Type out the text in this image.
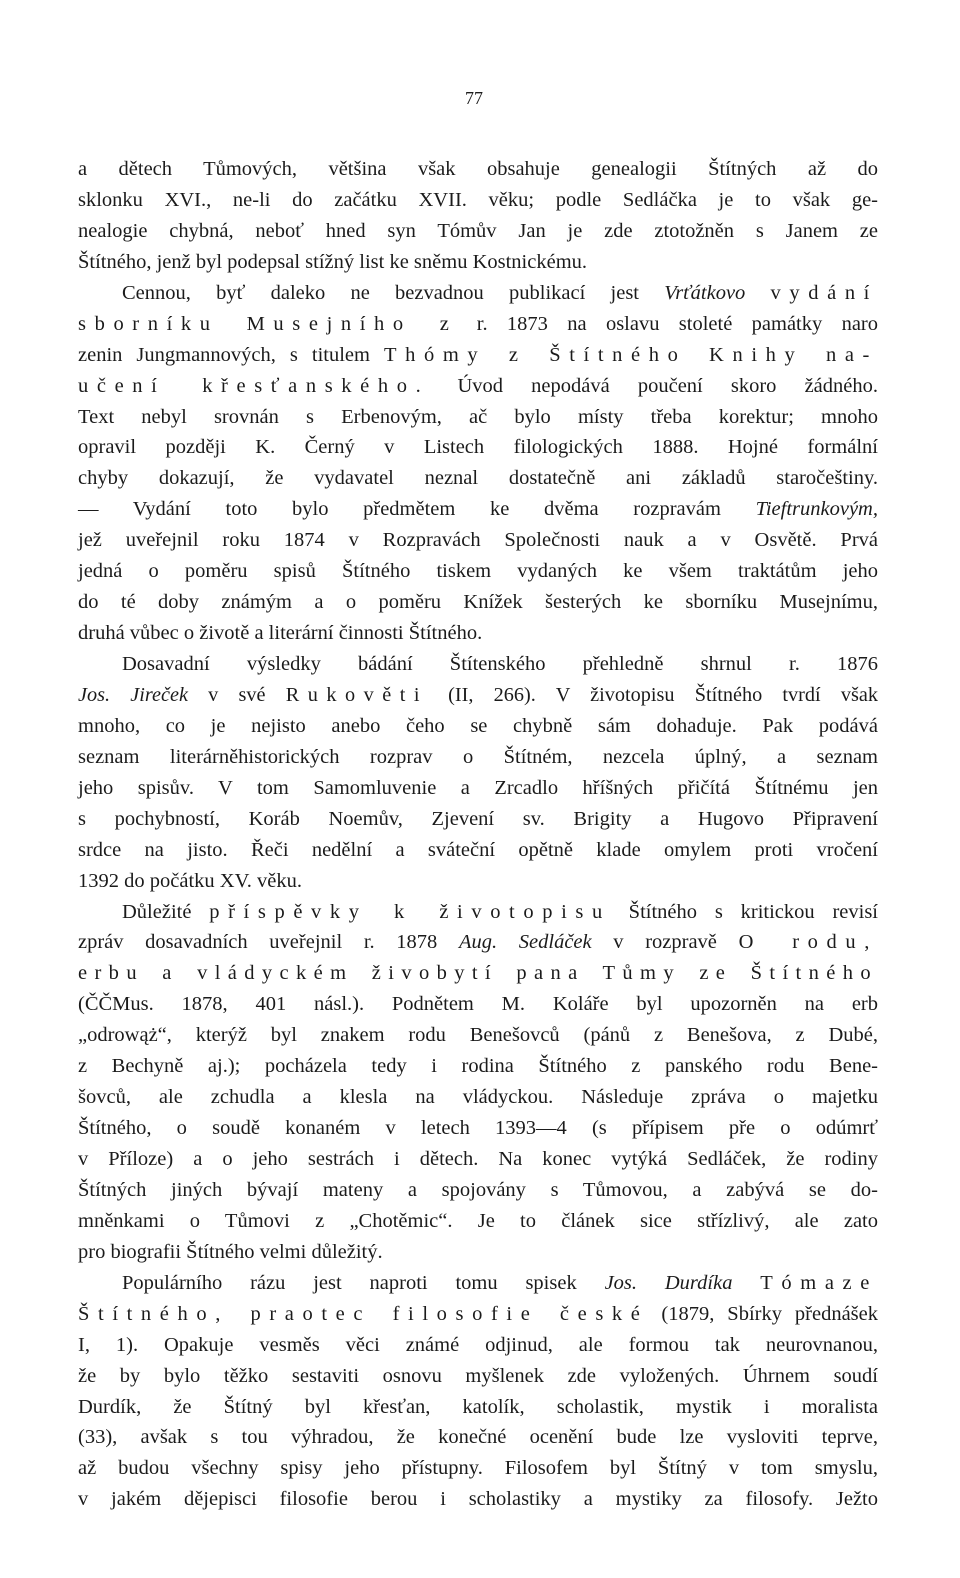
77
a dětech Tůmových, většina však obsahuje genealogii Štítných až do
sklonku XVI., ne-li do začátku XVII. věku; podle Sedláčka je to však ge-
nealogie chybná, neboť hned syn Tómův Jan je zde ztotožněn s Janem ze
Štítného, jenž byl podepsal stížný list ke sněmu Kostnickému.
Cennou, byť daleko ne bezvadnou publikací jest Vrťátkovo vydání
sborníku Musejního z r. 1873 na oslavu stoleté památky naro
zenin Jungmannových, s titulem Thómy z Štítného Knihy na-
učení křesťanského. Úvod nepodává poučení skoro žádného.
Text nebyl srovnán s Erbenovým, ač bylo místy třeba korektur; mnoho
opravil později K. Černý v Listech filologických 1888. Hojné formální
chyby dokazují, že vydavatel neznal dostatečně ani základů staročeštiny.
— Vydání toto bylo předmětem ke dvěma rozpravám Tieftrunkovým,
jež uveřejnil roku 1874 v Rozpravách Společnosti nauk a v Osvětě. Prvá
jedná o poměru spisů Štítného tiskem vydaných ke všem traktátům jeho
do té doby známým a o poměru Knížek šesterých ke sborníku Musejnímu,
druhá vůbec o životě a literární činnosti Štítného.
Dosavadní výsledky bádání Štítenského přehledně shrnul r. 1876
Jos. Jireček v své Rukověti (II, 266). V životopisu Štítného tvrdí však
mnoho, co je nejisto anebo čeho se chybně sám dohaduje. Pak podává
seznam literárněhistorických rozprav o Štítném, nezcela úplný, a seznam
jeho spisův. V tom Samomluvenie a Zrcadlo hříšných přičítá Štítnému jen
s pochybností, Koráb Noemův, Zjevení sv. Brigity a Hugovo Připravení
srdce na jisto. Řeči nedělní a sváteční opětně klade omylem proti vročení
1392 do počátku XV. věku.
Důležité příspěvky k životopisu Štítného s kritickou revisí
zpráv dosavadních uveřejnil r. 1878 Aug. Sedláček v rozpravě O rodu,
erbu a vládyckém živobytí pana Tůmy ze Štítného
(ČČMus. 1878, 401 násl.). Podnětem M. Koláře byl upozorněn na erb
„odrowąż“, kterýž byl znakem rodu Benešovců (pánů z Benešova, z Dubé,
z Bechyně aj.); pocházela tedy i rodina Štítného z panského rodu Bene-
šovců, ale zchudla a klesla na vládyckou. Následuje zpráva o majetku
Štítného, o soudě konaném v letech 1393—4 (s přípisem pře o odúmrť
v Příloze) a o jeho sestrách i dětech. Na konec vytýká Sedláček, že rodiny
Štítných jiných bývají mateny a spojovány s Tůmovou, a zabývá se do-
mněnkami o Tůmovi z „Chotěmic“. Je to článek sice střízlivý, ale zato
pro biografii Štítného velmi důležitý.
Populárního rázu jest naproti tomu spisek Jos. Durdíka Tómaze
Štítného, praotec filosofie české (1879, Sbírky přednášek
I, 1). Opakuje vesměs věci známé odjinud, ale formou tak neurovnanou,
že by bylo těžko sestaviti osnovu myšlenek zde vyložených. Úhrnem soudí
Durdík, že Štítný byl křesťan, katolík, scholastik, mystik i moralista
(33), avšak s tou výhradou, že konečné ocenění bude lze vysloviti teprve,
až budou všechny spisy jeho přístupny. Filosofem byl Štítný v tom smyslu,
v jakém dějepisci filosofie berou i scholastiky a mystiky za filosofy. Ježto
